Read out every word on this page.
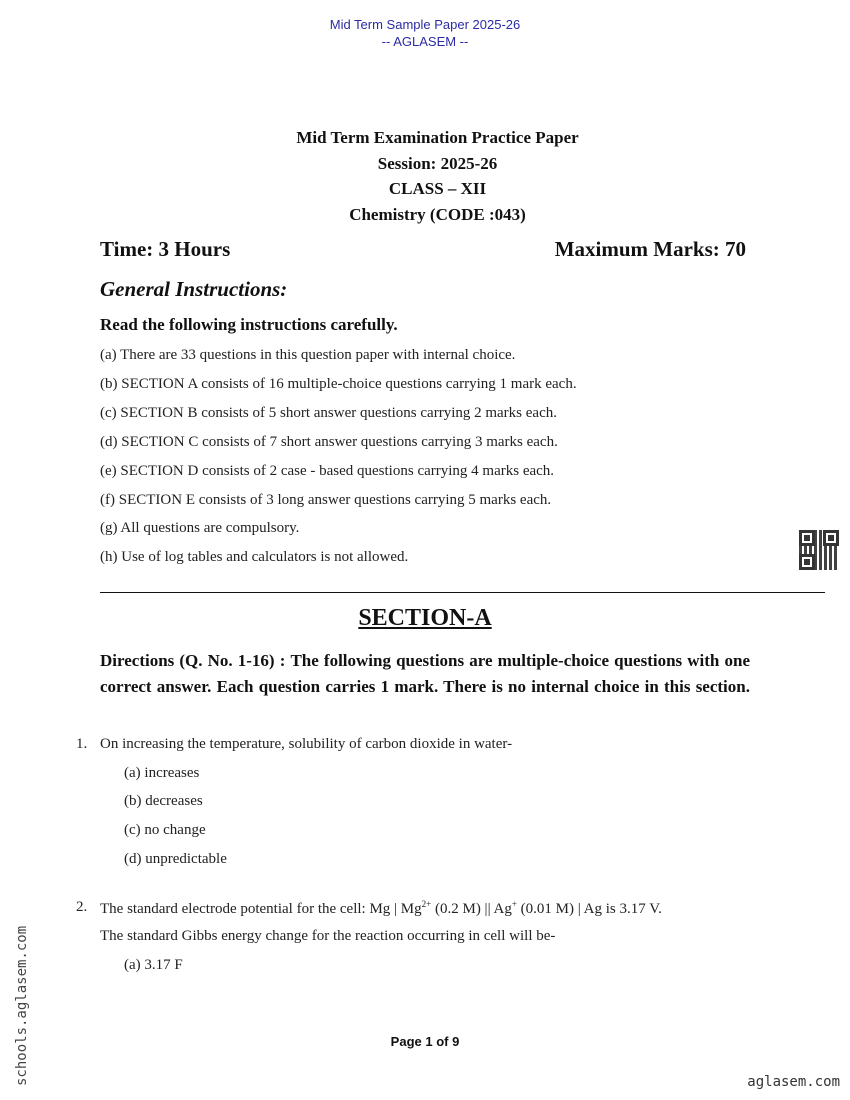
Mid Term Sample Paper 2025-26
-- AGLASEM --
Mid Term Examination Practice Paper
Session: 2025-26
CLASS – XII
Chemistry (CODE :043)
Time: 3 Hours	Maximum Marks: 70
General Instructions:
Read the following instructions carefully.
(a) There are 33 questions in this question paper with internal choice.
(b) SECTION A consists of 16 multiple-choice questions carrying 1 mark each.
(c) SECTION B consists of 5 short answer questions carrying 2 marks each.
(d) SECTION C consists of 7 short answer questions carrying 3 marks each.
(e) SECTION D consists of 2 case - based questions carrying 4 marks each.
(f) SECTION E consists of 3 long answer questions carrying 5 marks each.
(g) All questions are compulsory.
(h) Use of log tables and calculators is not allowed.
SECTION-A
Directions (Q. No. 1-16) : The following questions are multiple-choice questions with one correct answer. Each question carries 1 mark. There is no internal choice in this section.
1. On increasing the temperature, solubility of carbon dioxide in water-
(a) increases
(b) decreases
(c) no change
(d) unpredictable
2. The standard electrode potential for the cell: Mg | $Mg^{2+}$ (0.2 M) || Ag+ (0.01 M) | Ag is 3.17 V.
The standard Gibbs energy change for the reaction occurring in cell will be-
(a) 3.17 F
Page 1 of 9
aglasem.com
schools.aglasem.com
